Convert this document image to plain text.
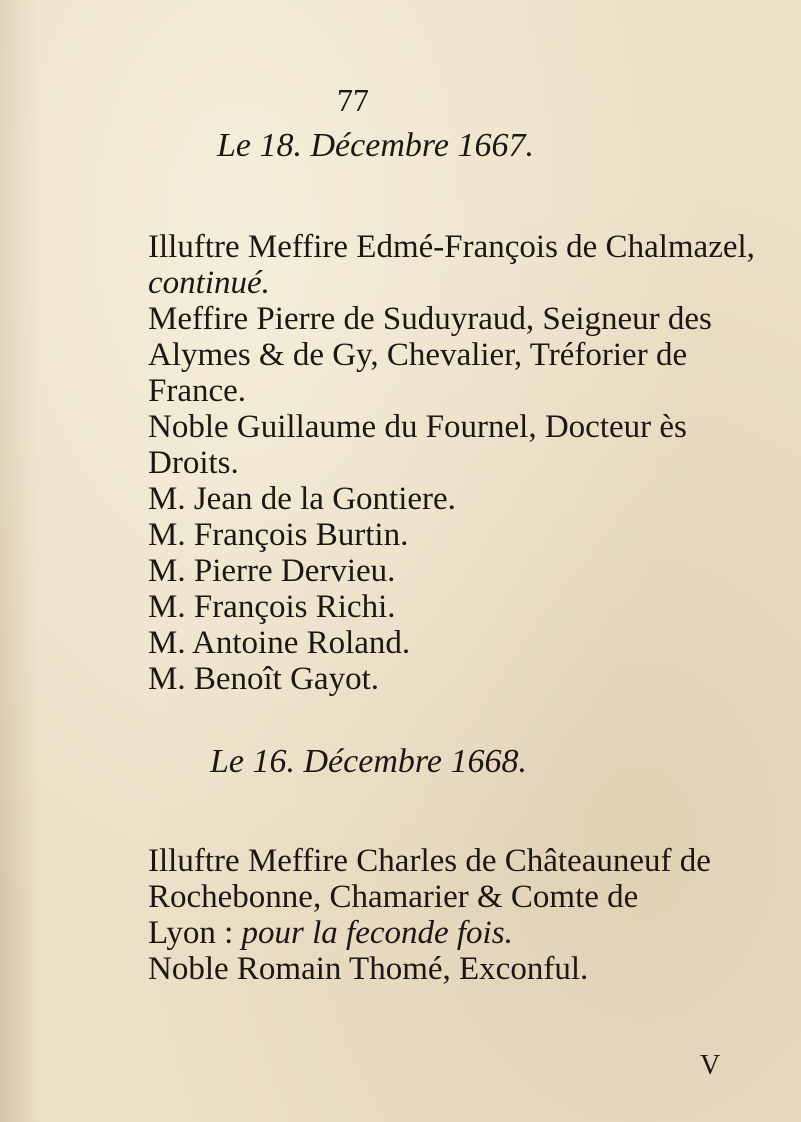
77
Le 18. Décembre 1667.
Illuftre Meffire Edmé-François de Chalmazel,
continué.
Meffire Pierre de Suduyraud, Seigneur des
Alymes & de Gy, Chevalier, Tréforier de
France.
Noble Guillaume du Fournel, Docteur ès
Droits.
M. Jean de la Gontiere.
M. François Burtin.
M. Pierre Dervieu.
M. François Richi.
M. Antoine Roland.
M. Benoît Gayot.
Le 16. Décembre 1668.
Illuftre Meffire Charles de Châteauneuf de
Rochebonne, Chamarier & Comte de
Lyon : pour la feconde fois.
Noble Romain Thomé, Exconful.
V
